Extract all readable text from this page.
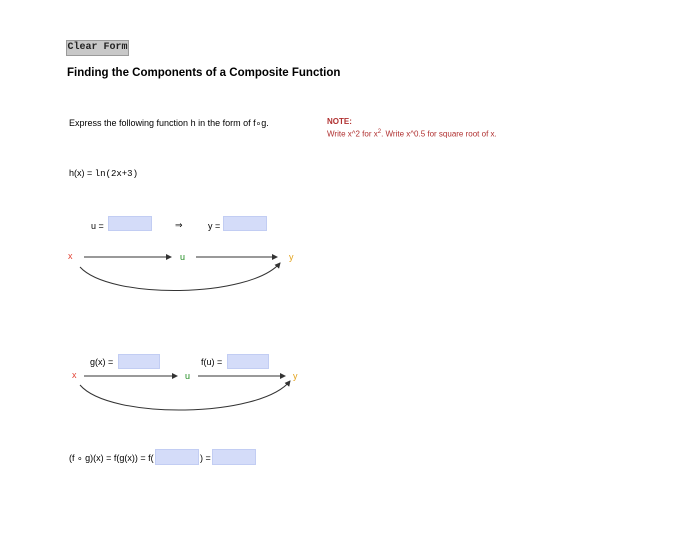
Clear Form
Finding the Components of a Composite Function
Express the following function h in the form of f∘g.	NOTE:
Write x^2 for $x^2$. Write x^0.5 for square root of x.
h(x) = ln(2x+3)
u =	⇒	y =
x	u	y
g(x) =	f(u) =
x	u	y
(f ∘ g)(x) = f(g(x)) = f(	) =
